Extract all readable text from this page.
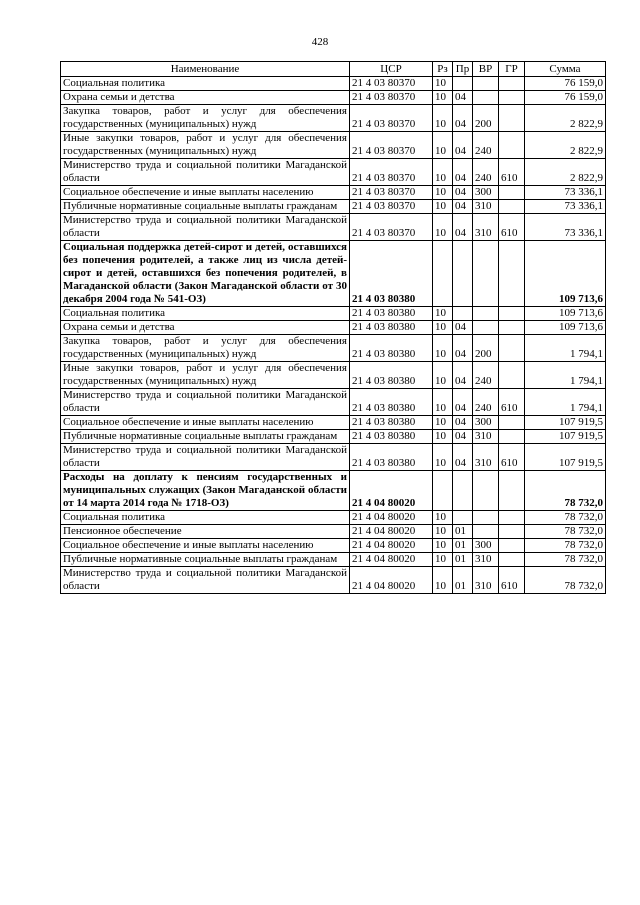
428
Наименование	ЦСР	Рз	Пр	ВР	ГР	Сумма
Социальная политика	21 4 03 80370	10				76 159,0
Охрана семьи и детства	21 4 03 80370	10	04			76 159,0
Закупка товаров, работ и услуг для обеспечения государственных (муниципальных) нужд	21 4 03 80370	10	04	200		2 822,9
Иные закупки товаров, работ и услуг для обеспечения государственных (муниципальных) нужд	21 4 03 80370	10	04	240		2 822,9
Министерство труда и социальной политики Магаданской области	21 4 03 80370	10	04	240	610	2 822,9
Социальное обеспечение и иные выплаты населению	21 4 03 80370	10	04	300		73 336,1
Публичные нормативные социальные выплаты гражданам	21 4 03 80370	10	04	310		73 336,1
Министерство труда и социальной политики Магаданской области	21 4 03 80370	10	04	310	610	73 336,1
Социальная поддержка детей-сирот и детей, оставшихся без попечения родителей, а также лиц из числа детей-сирот и детей, оставшихся без попечения родителей, в Магаданской области (Закон Магаданской области от 30 декабря 2004 года № 541-ОЗ)	21 4 03 80380					109 713,6
Социальная политика	21 4 03 80380	10				109 713,6
Охрана семьи и детства	21 4 03 80380	10	04			109 713,6
Закупка товаров, работ и услуг для обеспечения государственных (муниципальных) нужд	21 4 03 80380	10	04	200		1 794,1
Иные закупки товаров, работ и услуг для обеспечения государственных (муниципальных) нужд	21 4 03 80380	10	04	240		1 794,1
Министерство труда и социальной политики Магаданской области	21 4 03 80380	10	04	240	610	1 794,1
Социальное обеспечение и иные выплаты населению	21 4 03 80380	10	04	300		107 919,5
Публичные нормативные социальные выплаты гражданам	21 4 03 80380	10	04	310		107 919,5
Министерство труда и социальной политики Магаданской области	21 4 03 80380	10	04	310	610	107 919,5
Расходы на доплату к пенсиям государственных и муниципальных служащих (Закон Магаданской области от 14 марта 2014 года № 1718-ОЗ)	21 4 04 80020					78 732,0
Социальная политика	21 4 04 80020	10				78 732,0
Пенсионное обеспечение	21 4 04 80020	10	01			78 732,0
Социальное обеспечение и иные выплаты населению	21 4 04 80020	10	01	300		78 732,0
Публичные нормативные социальные выплаты гражданам	21 4 04 80020	10	01	310		78 732,0
Министерство труда и социальной политики Магаданской области	21 4 04 80020	10	01	310	610	78 732,0
